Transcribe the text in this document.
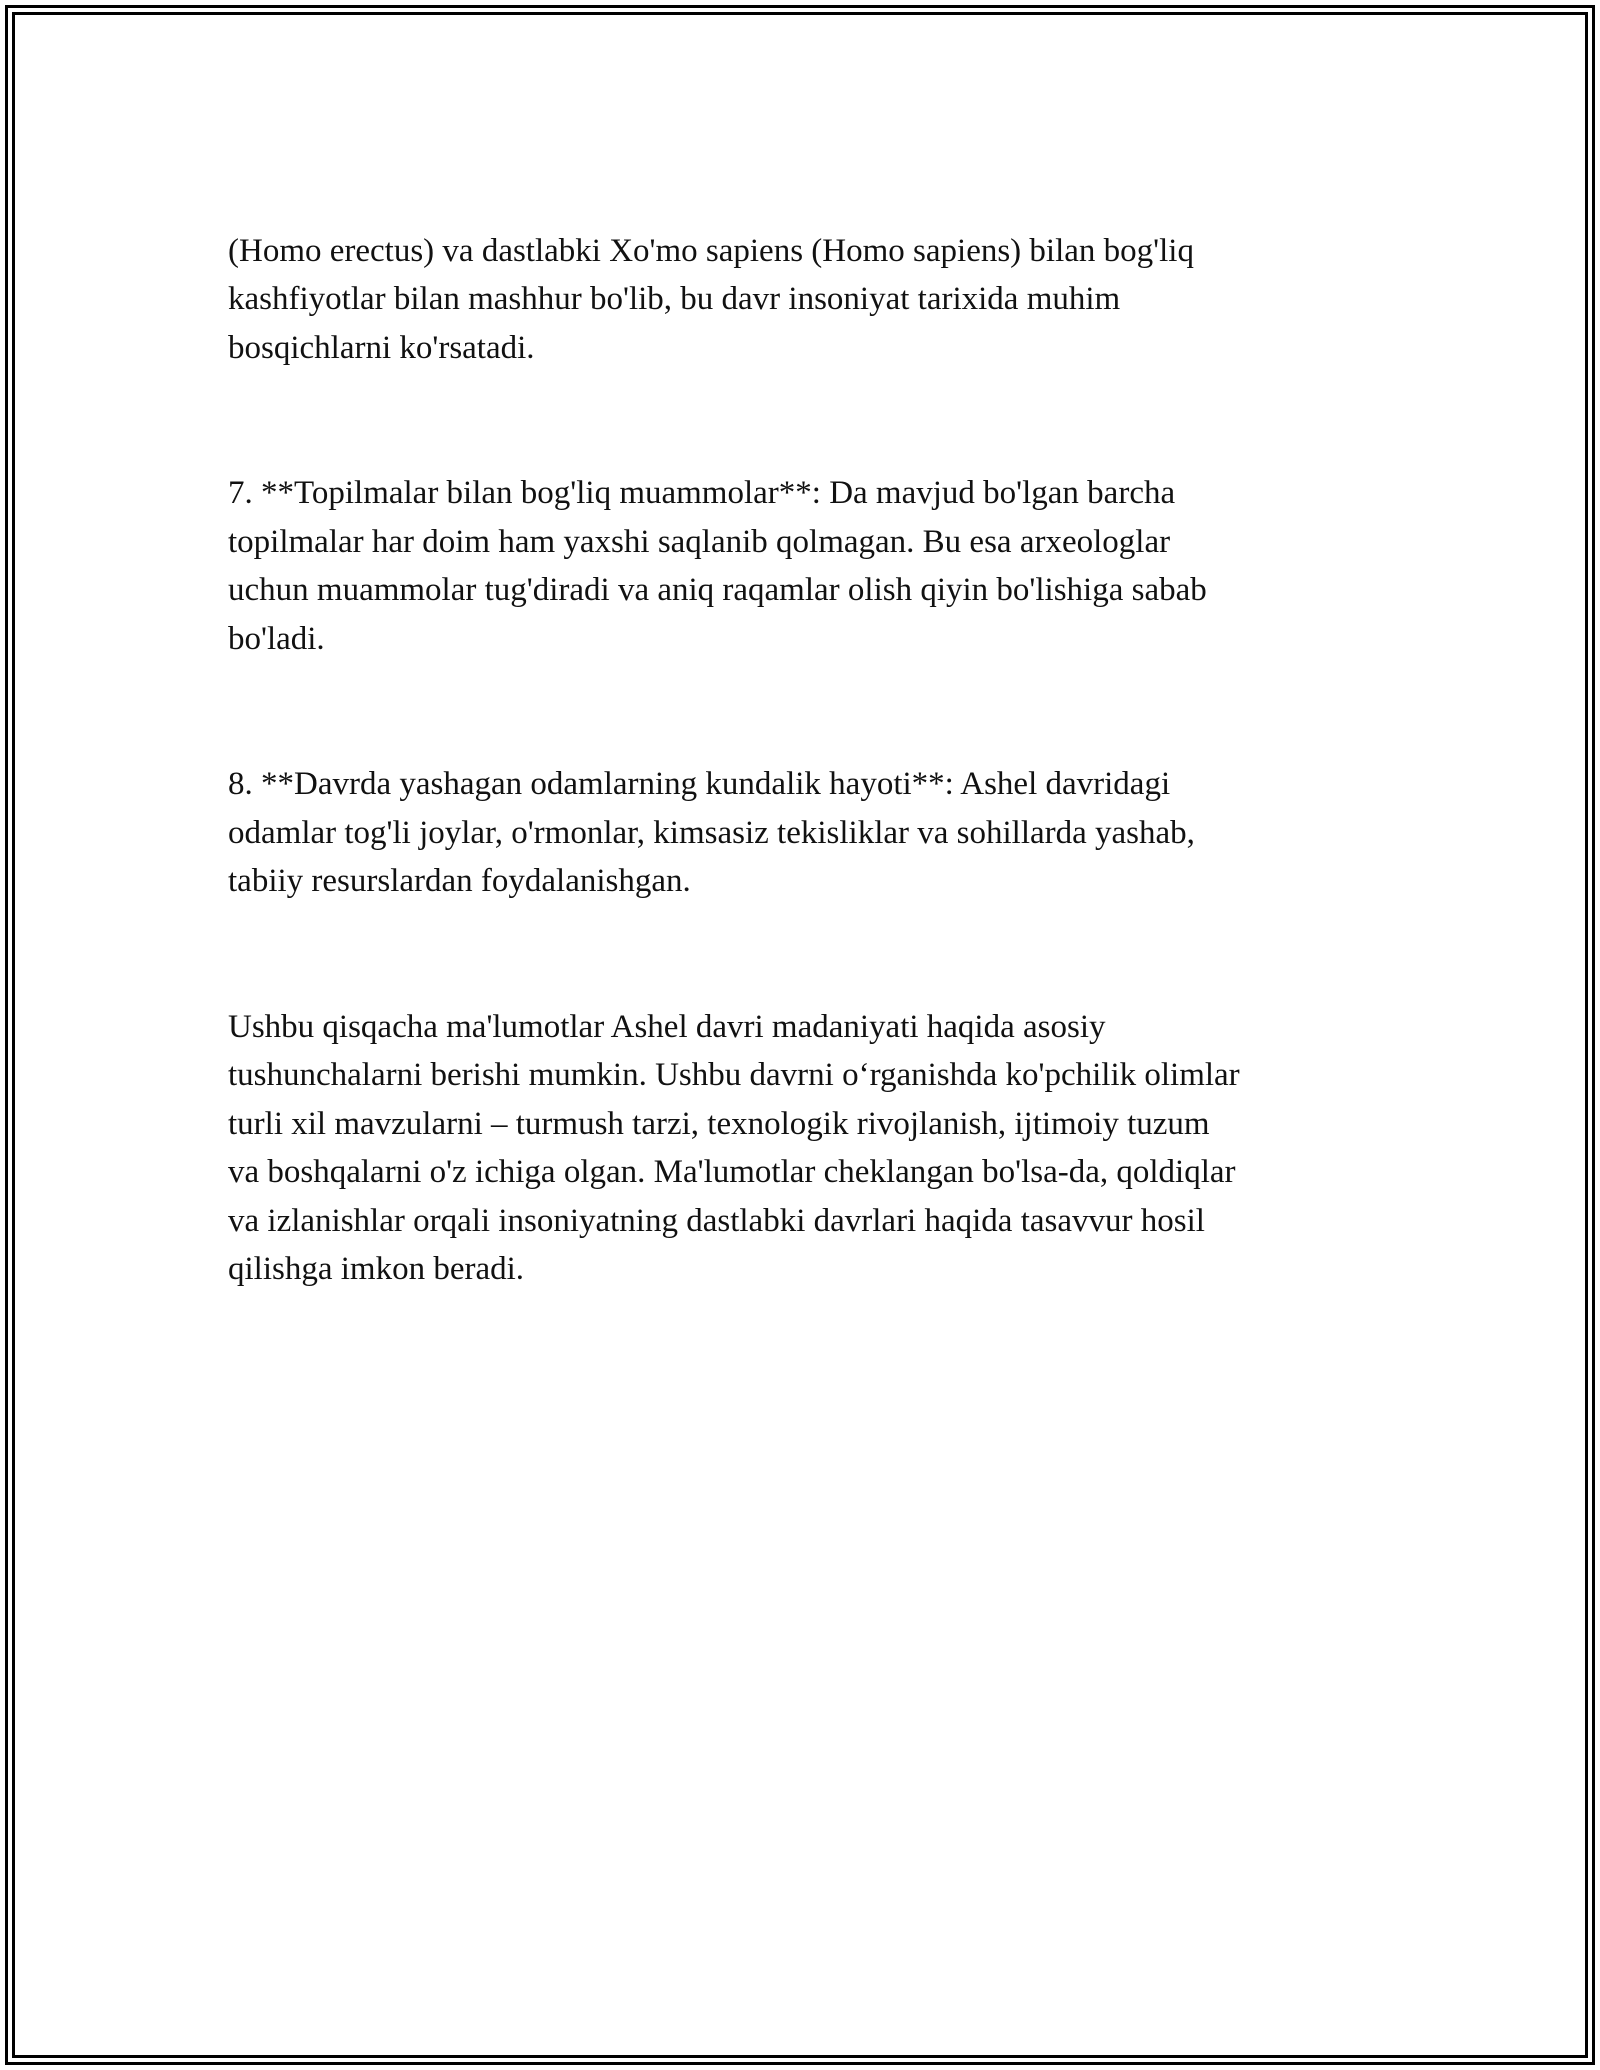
(Homo erectus) va dastlabki Xo'mo sapiens (Homo sapiens) bilan bog'liq
kashfiyotlar bilan mashhur bo'lib, bu davr insoniyat tarixida muhim
bosqichlarni ko'rsatadi.

7. **Topilmalar bilan bog'liq muammolar**: Da mavjud bo'lgan barcha
topilmalar har doim ham yaxshi saqlanib qolmagan. Bu esa arxeologlar
uchun muammolar tug'diradi va aniq raqamlar olish qiyin bo'lishiga sabab
bo'ladi.

8. **Davrda yashagan odamlarning kundalik hayoti**: Ashel davridagi
odamlar tog'li joylar, o'rmonlar, kimsasiz tekisliklar va sohillarda yashab,
tabiiy resurslardan foydalanishgan.

Ushbu qisqacha ma'lumotlar Ashel davri madaniyati haqida asosiy
tushunchalarni berishi mumkin. Ushbu davrni o‘rganishda ko'pchilik olimlar
turli xil mavzularni – turmush tarzi, texnologik rivojlanish, ijtimoiy tuzum
va boshqalarni o'z ichiga olgan. Ma'lumotlar cheklangan bo'lsa-da, qoldiqlar
va izlanishlar orqali insoniyatning dastlabki davrlari haqida tasavvur hosil
qilishga imkon beradi.
